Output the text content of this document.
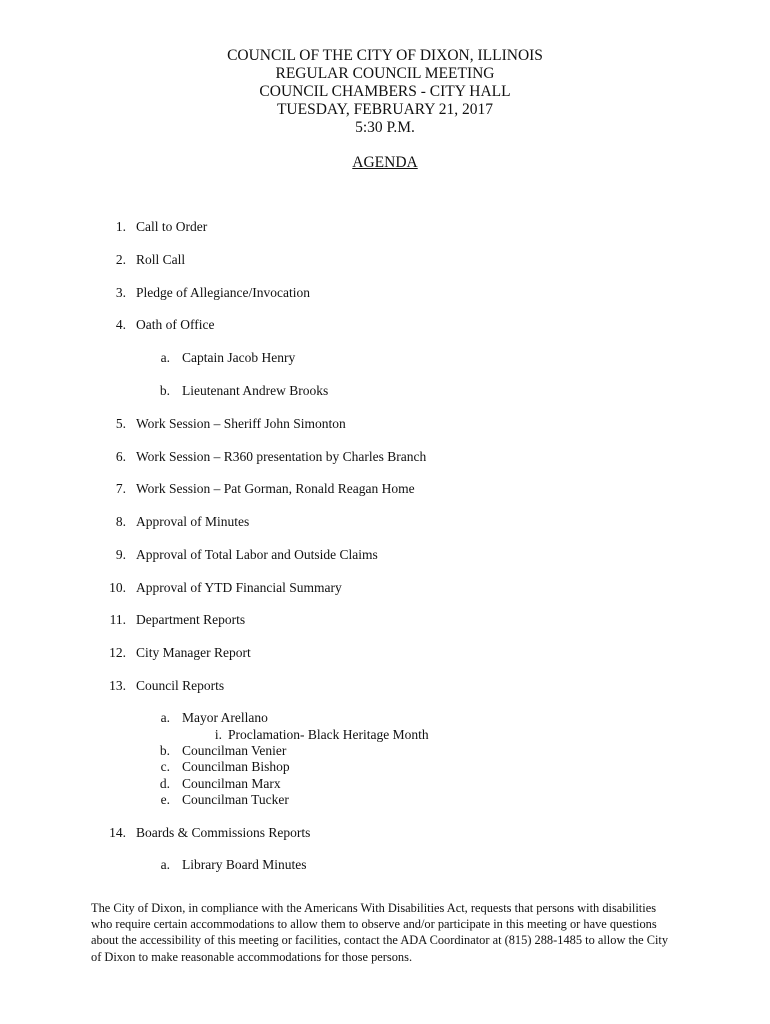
COUNCIL OF THE CITY OF DIXON, ILLINOIS
REGULAR COUNCIL MEETING
COUNCIL CHAMBERS - CITY HALL
TUESDAY, FEBRUARY 21, 2017
5:30 P.M.
AGENDA
1. Call to Order
2. Roll Call
3. Pledge of Allegiance/Invocation
4. Oath of Office
a. Captain Jacob Henry
b. Lieutenant Andrew Brooks
5. Work Session – Sheriff John Simonton
6. Work Session – R360 presentation by Charles Branch
7. Work Session – Pat Gorman, Ronald Reagan Home
8. Approval of Minutes
9. Approval of Total Labor and Outside Claims
10. Approval of YTD Financial Summary
11. Department Reports
12. City Manager Report
13. Council Reports
a. Mayor Arellano
i. Proclamation- Black Heritage Month
b. Councilman Venier
c. Councilman Bishop
d. Councilman Marx
e. Councilman Tucker
14. Boards & Commissions Reports
a. Library Board Minutes
The City of Dixon, in compliance with the Americans With Disabilities Act, requests that persons with disabilities who require certain accommodations to allow them to observe and/or participate in this meeting or have questions about the accessibility of this meeting or facilities, contact the ADA Coordinator at (815) 288-1485 to allow the City of Dixon to make reasonable accommodations for those persons.
